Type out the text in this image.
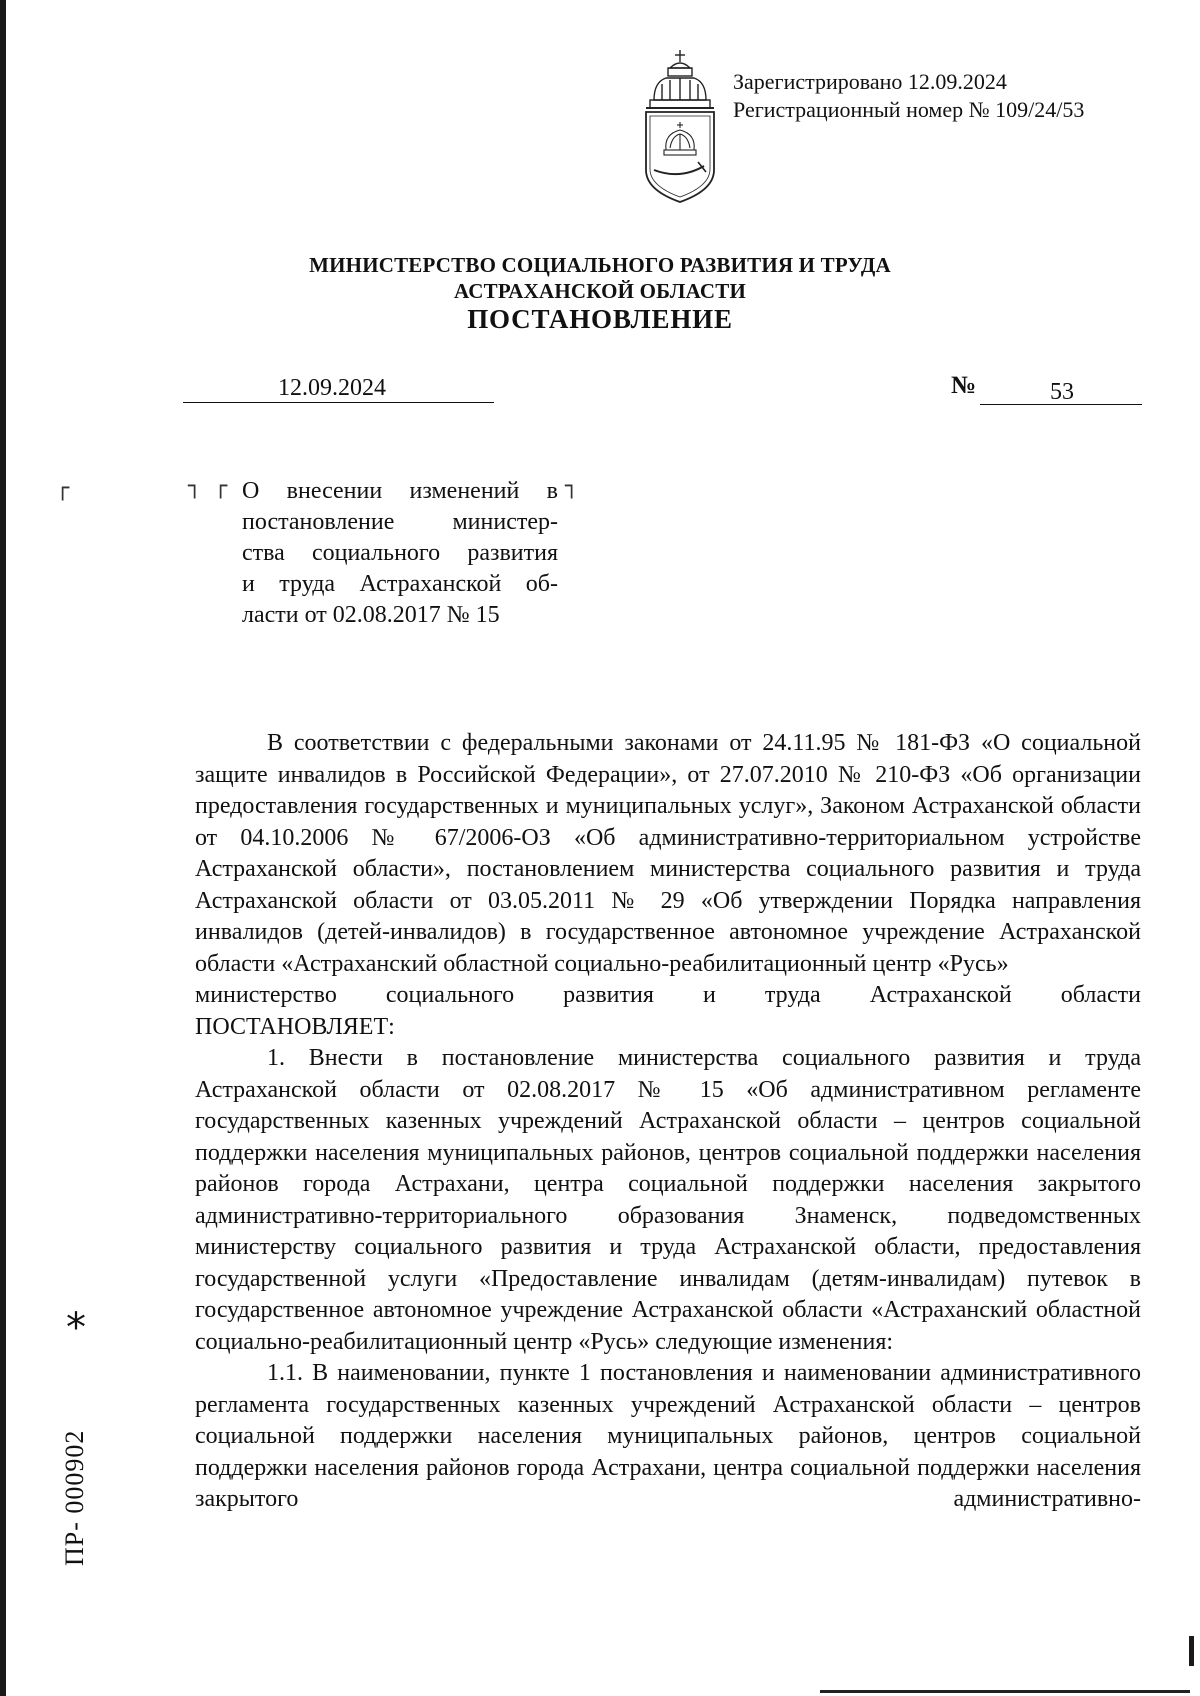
Зарегистрировано 12.09.2024
Регистрационный номер № 109/24/53
МИНИСТЕРСТВО СОЦИАЛЬНОГО РАЗВИТИЯ И ТРУДА
АСТРАХАНСКОЙ ОБЛАСТИ
ПОСТАНОВЛЕНИЕ
12.09.2024	№	53
┌	┐ ┌	┐
О внесении изменений в
постановление министер-
ства социального развития
и труда Астраханской об-
ласти от 02.08.2017 № 15

В соответствии с федеральными законами от 24.11.95 № 181-ФЗ «О социальной защите инвалидов в Российской Федерации», от 27.07.2010 № 210-ФЗ «Об организации предоставления государственных и муниципальных услуг», Законом Астраханской области от 04.10.2006 № 67/2006-ОЗ «Об административно-территориальном устройстве Астраханской области», постановлением министерства социального развития и труда Астраханской области от 03.05.2011 № 29 «Об утверждении Порядка направления инвалидов (детей-инвалидов) в государственное автономное учреждение Астраханской области «Астраханский областной социально-реабилитационный центр «Русь»

министерство социального развития и труда Астраханской области

ПОСТАНОВЛЯЕТ:

1. Внести в постановление министерства социального развития и труда Астраханской области от 02.08.2017 № 15 «Об административном регламенте государственных казенных учреждений Астраханской области – центров социальной поддержки населения муниципальных районов, центров социальной поддержки населения районов города Астрахани, центра социальной поддержки населения закрытого административно-территориального образования Знаменск, подведомственных министерству социального развития и труда Астраханской области, предоставления государственной услуги «Предоставление инвалидам (детям-инвалидам) путевок в государственное автономное учреждение Астраханской области «Астраханский областной социально-реабилитационный центр «Русь» следующие изменения:

1.1. В наименовании, пункте 1 постановления и наименовании административного регламента государственных казенных учреждений Астраханской области – центров социальной поддержки населения муниципальных районов, центров социальной поддержки населения районов города Астрахани, центра социальной поддержки населения закрытого административно-

*
ПР- 000902
